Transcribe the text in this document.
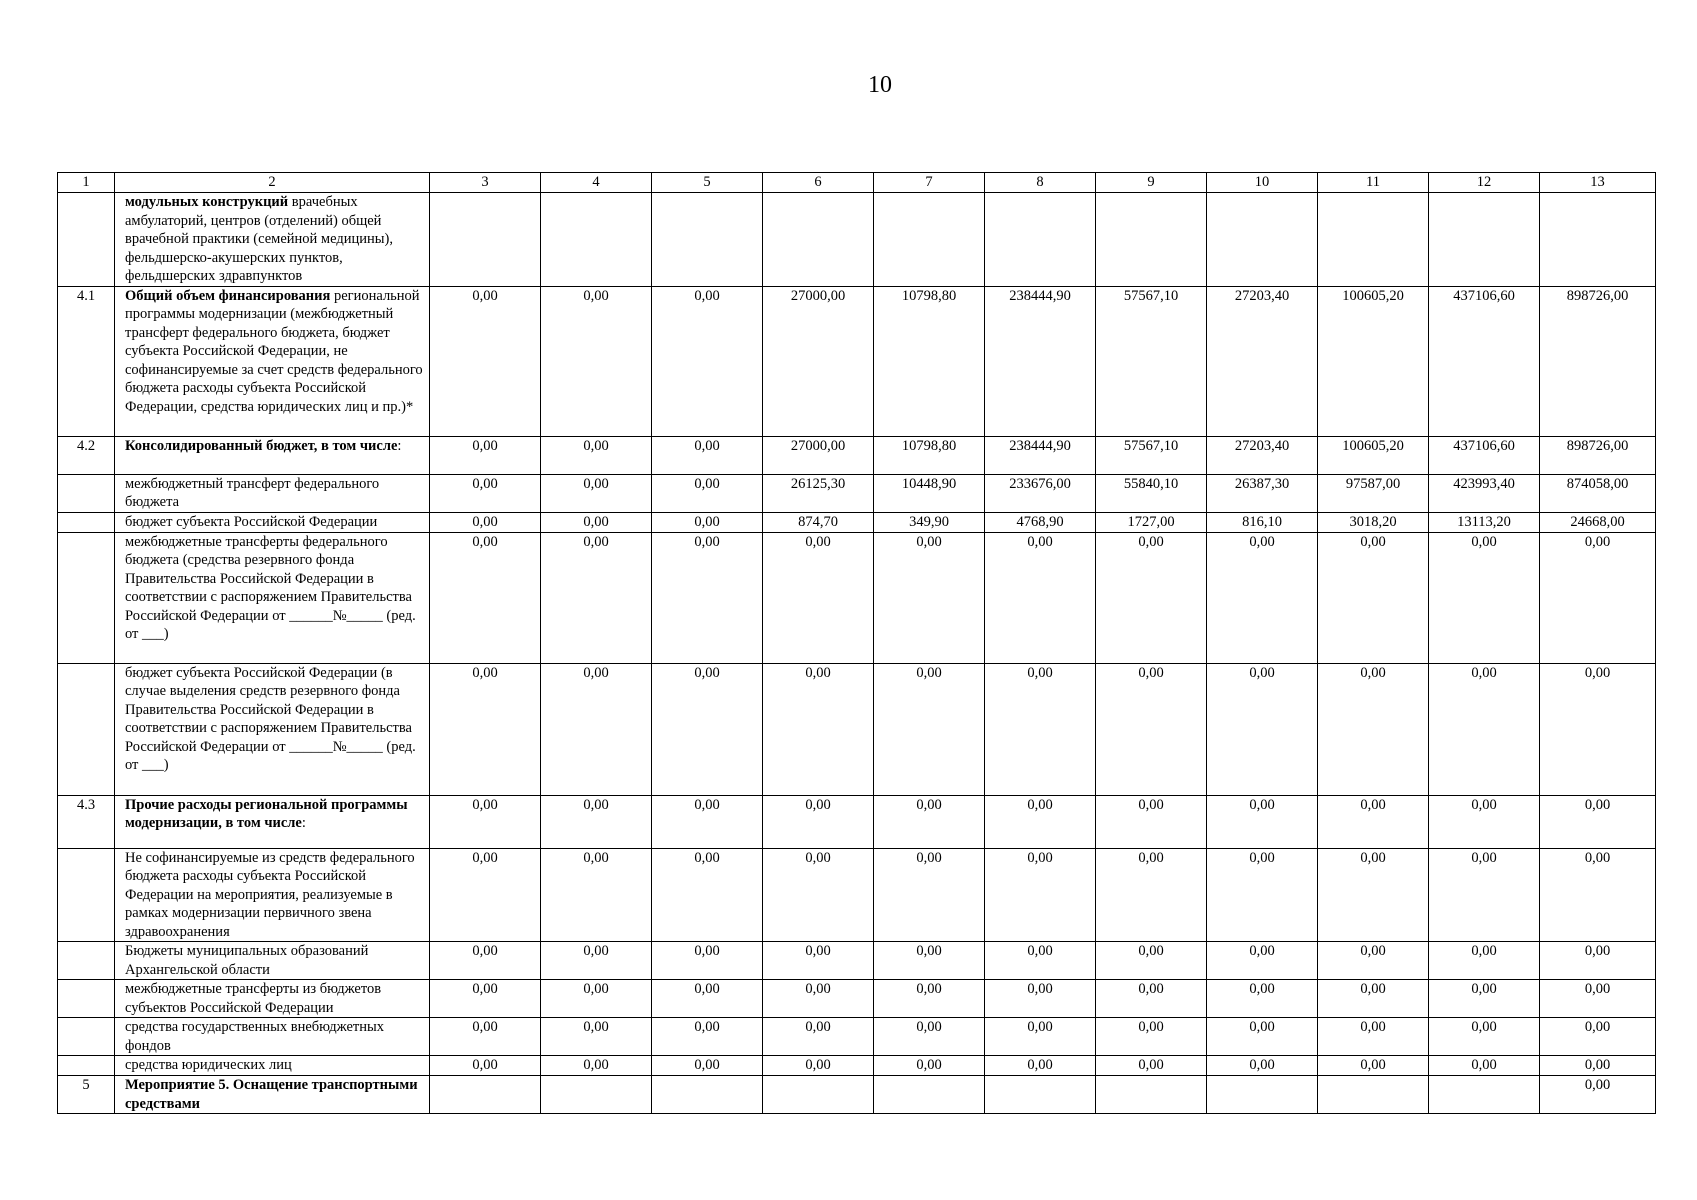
10
1	2	3	4	5	6	7	8	9	10	11	12	13
	модульных конструкций врачебных амбулаторий, центров (отделений) общей врачебной практики (семейной медицины), фельдшерско-акушерских пунктов, фельдшерских здравпунктов											
4.1	Общий объем финансирования региональной программы модернизации (межбюджетный трансферт федерального бюджета, бюджет субъекта Российской Федерации, не софинансируемые за счет средств федерального бюджета расходы субъекта Российской Федерации, средства юридических лиц и пр.)*	0,00	0,00	0,00	27000,00	10798,80	238444,90	57567,10	27203,40	100605,20	437106,60	898726,00
4.2	Консолидированный бюджет, в том числе:	0,00	0,00	0,00	27000,00	10798,80	238444,90	57567,10	27203,40	100605,20	437106,60	898726,00
	межбюджетный трансферт федерального бюджета	0,00	0,00	0,00	26125,30	10448,90	233676,00	55840,10	26387,30	97587,00	423993,40	874058,00
	бюджет субъекта Российской Федерации	0,00	0,00	0,00	874,70	349,90	4768,90	1727,00	816,10	3018,20	13113,20	24668,00
	межбюджетные трансферты федерального бюджета (средства резервного фонда Правительства Российской Федерации в соответствии с распоряжением Правительства Российской Федерации от ______№_____ (ред. от ___)	0,00	0,00	0,00	0,00	0,00	0,00	0,00	0,00	0,00	0,00	0,00
	бюджет субъекта Российской Федерации (в случае выделения средств резервного фонда Правительства Российской Федерации в соответствии с распоряжением Правительства Российской Федерации от ______№_____ (ред. от ___)	0,00	0,00	0,00	0,00	0,00	0,00	0,00	0,00	0,00	0,00	0,00
4.3	Прочие расходы региональной программы модернизации, в том числе:	0,00	0,00	0,00	0,00	0,00	0,00	0,00	0,00	0,00	0,00	0,00
	Не софинансируемые из средств федерального бюджета расходы субъекта Российской Федерации на мероприятия, реализуемые в рамках модернизации первичного звена здравоохранения	0,00	0,00	0,00	0,00	0,00	0,00	0,00	0,00	0,00	0,00	0,00
	Бюджеты муниципальных образований Архангельской области	0,00	0,00	0,00	0,00	0,00	0,00	0,00	0,00	0,00	0,00	0,00
	межбюджетные трансферты из бюджетов субъектов Российской Федерации	0,00	0,00	0,00	0,00	0,00	0,00	0,00	0,00	0,00	0,00	0,00
	средства государственных внебюджетных фондов	0,00	0,00	0,00	0,00	0,00	0,00	0,00	0,00	0,00	0,00	0,00
	средства юридических лиц	0,00	0,00	0,00	0,00	0,00	0,00	0,00	0,00	0,00	0,00	0,00
5	Мероприятие 5. Оснащение транспортными средствами											0,00
